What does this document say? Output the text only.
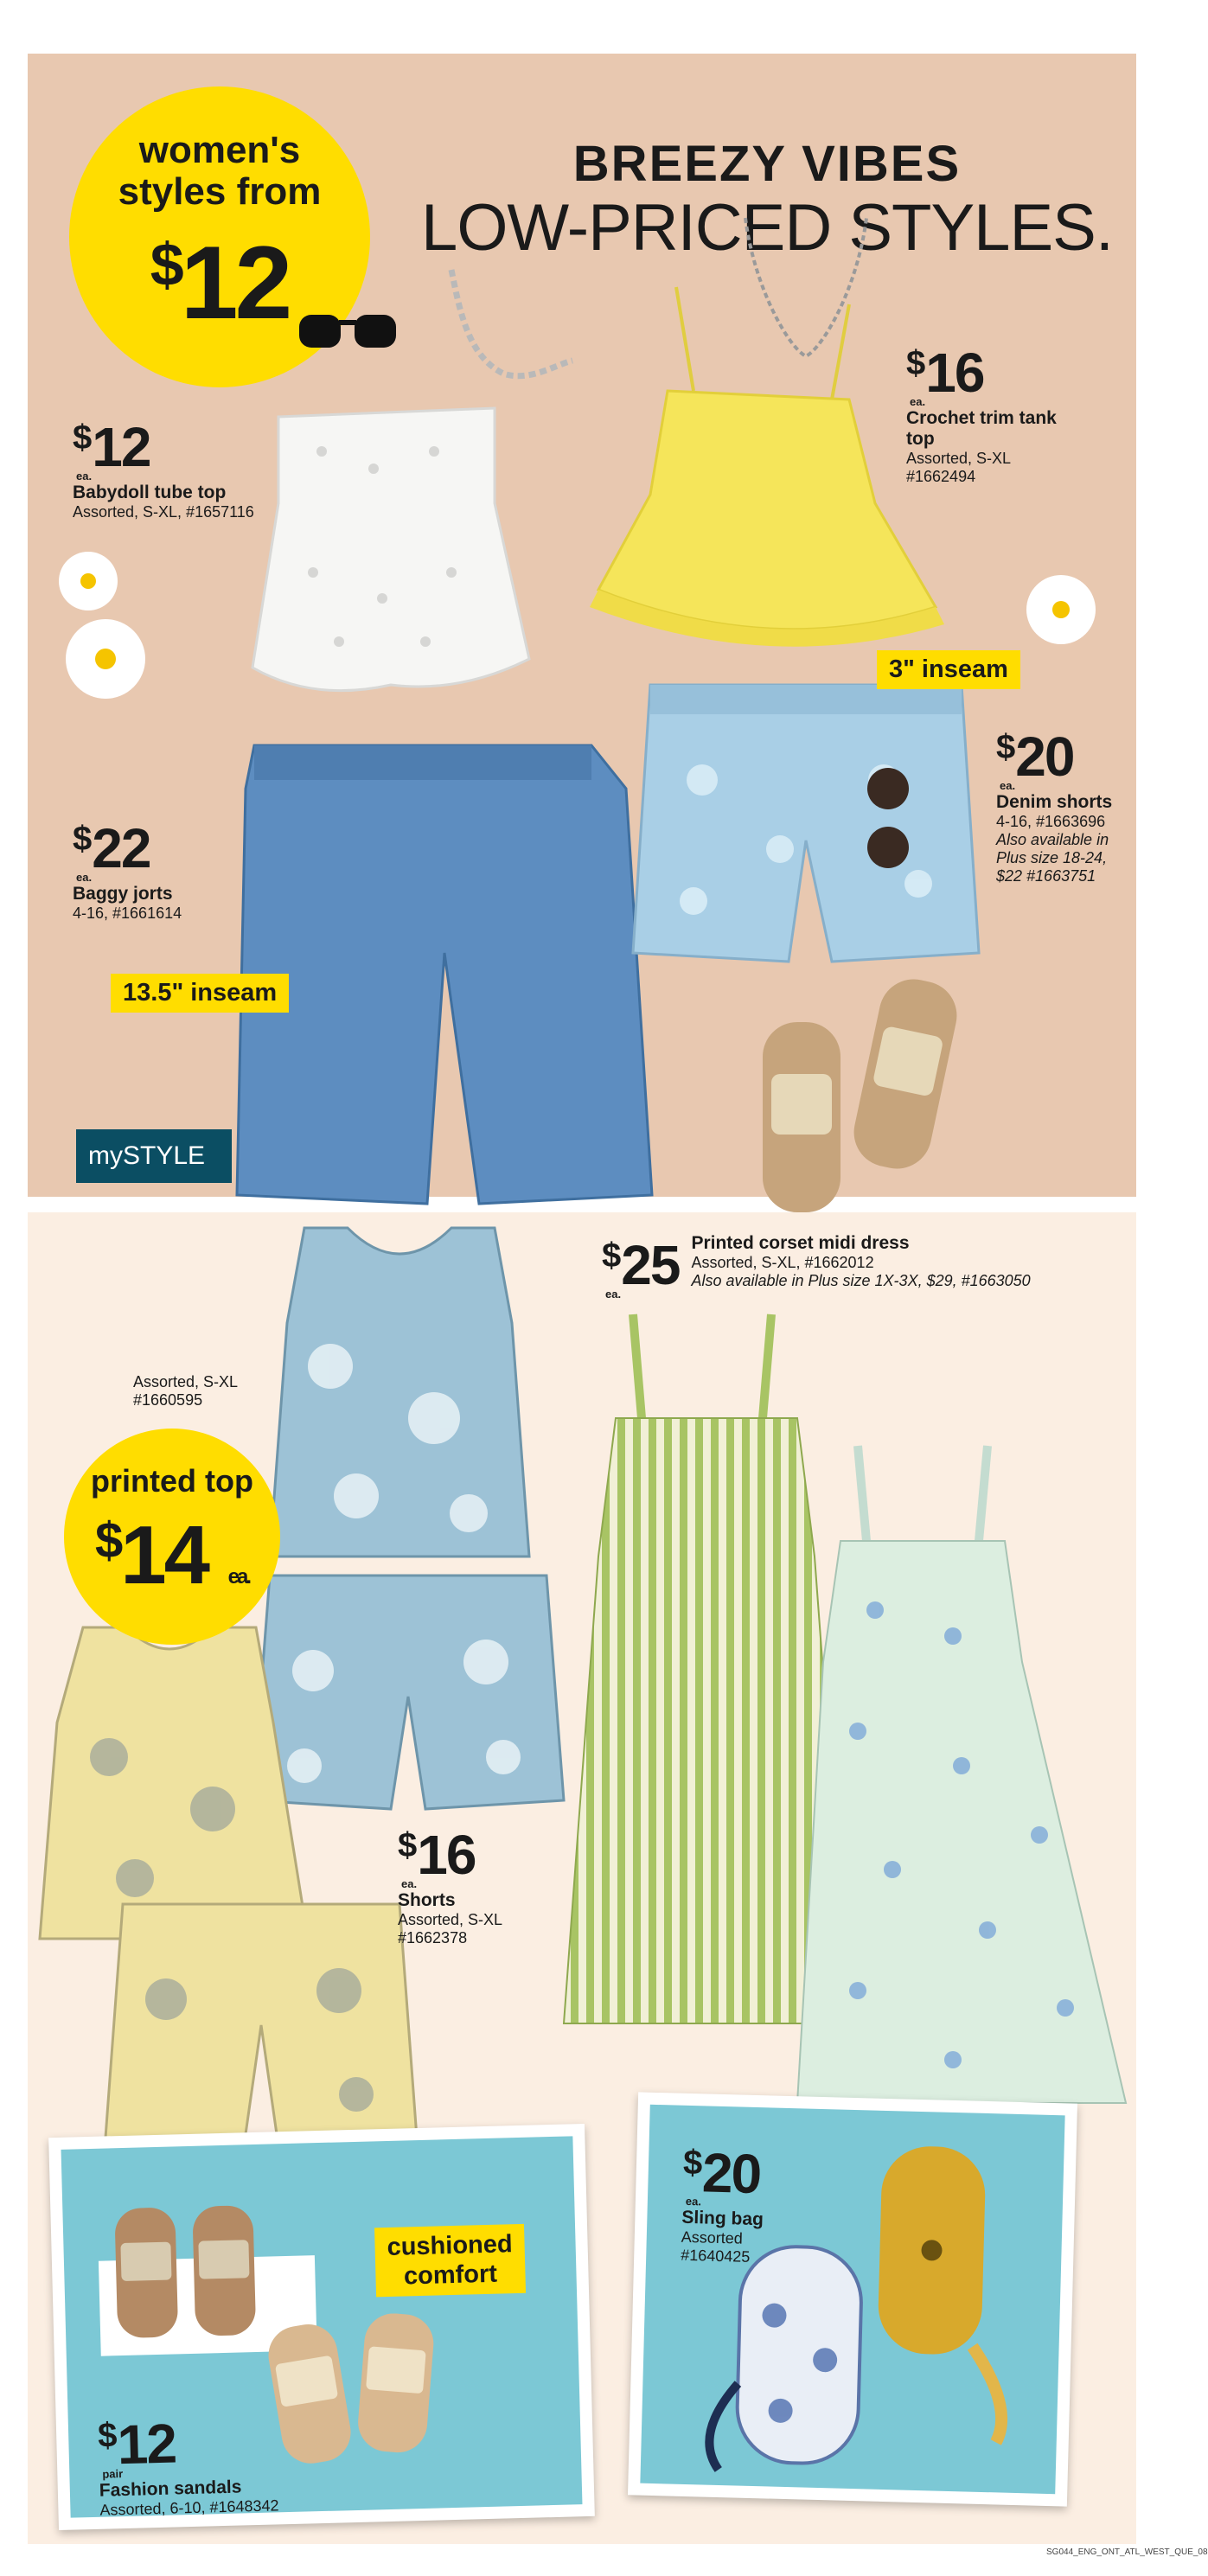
women's
styles from
$12
BREEZY VIBES
LOW-PRICED STYLES.
$12
ea.
Babydoll tube top
Assorted, S-XL, #1657116
$16
ea.
Crochet trim tank top
Assorted, S-XL
#1662494
$22
ea.
Baggy jorts
4-16, #1661614
$20
ea.
Denim shorts
4-16, #1663696
Also available in Plus size 18-24, $22 #1663751
13.5" inseam
3" inseam
mySTYLE
printed top
$14 ea.
Assorted, S-XL
#1660595
$16
ea.
Shorts
Assorted, S-XL
#1662378
$25
ea.
Printed corset midi dress
Assorted, S-XL, #1662012
Also available in Plus size 1X-3X, $29, #1663050
cushioned
comfort
$12
pair
Fashion sandals
Assorted, 6-10, #1648342
$20
ea.
Sling bag
Assorted
#1640425
SG044_ENG_ONT_ATL_WEST_QUE_08
